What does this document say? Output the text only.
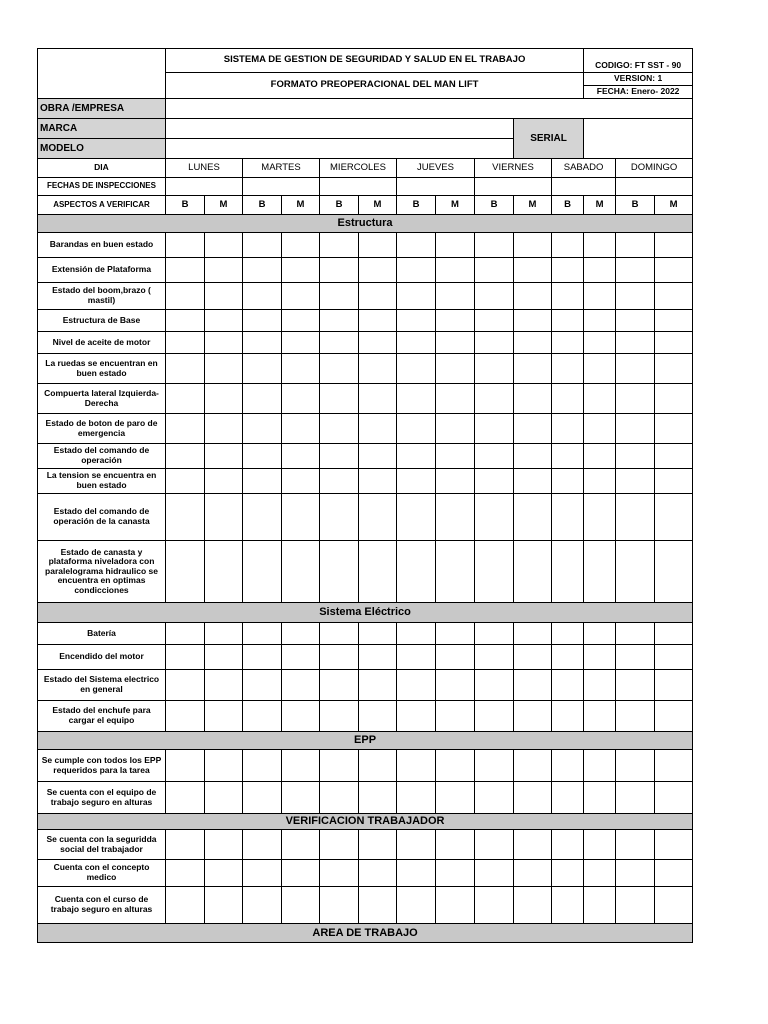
	SISTEMA DE GESTION DE SEGURIDAD Y SALUD EN EL TRABAJO											CODIGO: FT SST - 90		
	FORMATO PREOPERACIONAL DEL MAN LIFT											VERSION: 1		
												FECHA: Enero- 2022		
OBRA /EMPRESA														
MARCA										SERIAL				
MODELO														
DIA	LUNES		MARTES		MIERCOLES		JUEVES		VIERNES		SABADO		DOMINGO	
FECHAS DE INSPECCIONES														
ASPECTOS A VERIFICAR	B	M	B	M	B	M	B	M	B	M	B	M	B	M
Estructura														
Barandas en buen estado														
Extensión de Plataforma														
Estado del boom,brazo ( mastil)														
Estructura de Base														
Nivel de aceite de motor														
La ruedas se encuentran en buen estado														
Compuerta lateral Izquierda-Derecha														
Estado de boton de paro de emergencia														
Estado del comando de operación														
La tension se encuentra en buen estado														
Estado del comando de operación de la canasta														
Estado de canasta y plataforma niveladora con paralelograma hidraulico se encuentra en optimas condicciones														
Sistema Eléctrico														
Batería														
Encendido del motor														
Estado del Sistema electrico en general														
Estado del enchufe para cargar el equipo														
EPP														
Se cumple con todos los EPP requeridos para la tarea														
Se cuenta con el equipo de trabajo seguro en alturas														
VERIFICACION TRABAJADOR														
Se cuenta con la seguridda social del trabajador														
Cuenta con el concepto medico														
Cuenta con el curso de trabajo seguro en alturas														
AREA DE TRABAJO														
